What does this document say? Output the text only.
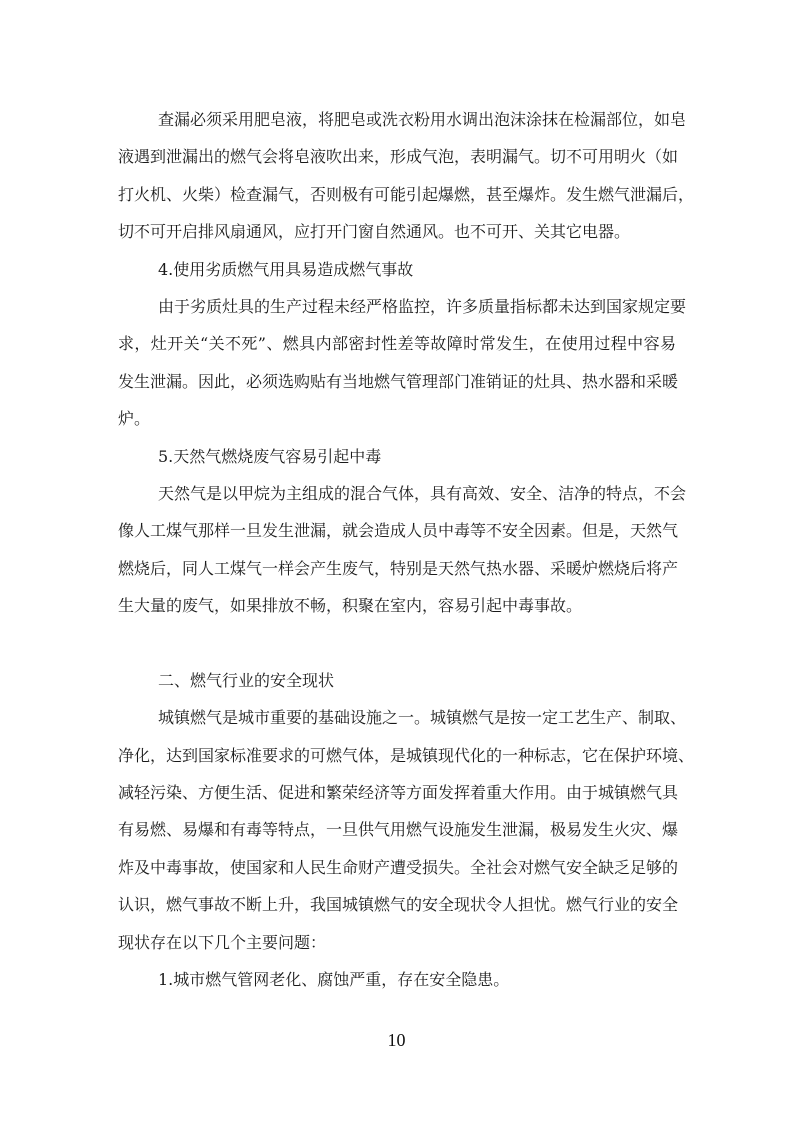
查漏必须采用肥皂液，将肥皂或洗衣粉用水调出泡沫涂抹在检漏部位，如皂
液遇到泄漏出的燃气会将皂液吹出来，形成气泡，表明漏气。切不可用明火（如
打火机、火柴）检查漏气，否则极有可能引起爆燃，甚至爆炸。发生燃气泄漏后，
切不可开启排风扇通风，应打开门窗自然通风。也不可开、关其它电器。
4.使用劣质燃气用具易造成燃气事故
由于劣质灶具的生产过程未经严格监控，许多质量指标都未达到国家规定要
求，灶开关“关不死”、燃具内部密封性差等故障时常发生，在使用过程中容易
发生泄漏。因此，必须选购贴有当地燃气管理部门准销证的灶具、热水器和采暖
炉。
5.天然气燃烧废气容易引起中毒
天然气是以甲烷为主组成的混合气体，具有高效、安全、洁净的特点，不会
像人工煤气那样一旦发生泄漏，就会造成人员中毒等不安全因素。但是，天然气
燃烧后，同人工煤气一样会产生废气，特别是天然气热水器、采暖炉燃烧后将产
生大量的废气，如果排放不畅，积聚在室内，容易引起中毒事故。
二、燃气行业的安全现状
城镇燃气是城市重要的基础设施之一。城镇燃气是按一定工艺生产、制取、
净化，达到国家标准要求的可燃气体，是城镇现代化的一种标志，它在保护环境、
减轻污染、方便生活、促进和繁荣经济等方面发挥着重大作用。由于城镇燃气具
有易燃、易爆和有毒等特点，一旦供气用燃气设施发生泄漏，极易发生火灾、爆
炸及中毒事故，使国家和人民生命财产遭受损失。全社会对燃气安全缺乏足够的
认识，燃气事故不断上升，我国城镇燃气的安全现状令人担忧。燃气行业的安全
现状存在以下几个主要问题：
1.城市燃气管网老化、腐蚀严重，存在安全隐患。
10
